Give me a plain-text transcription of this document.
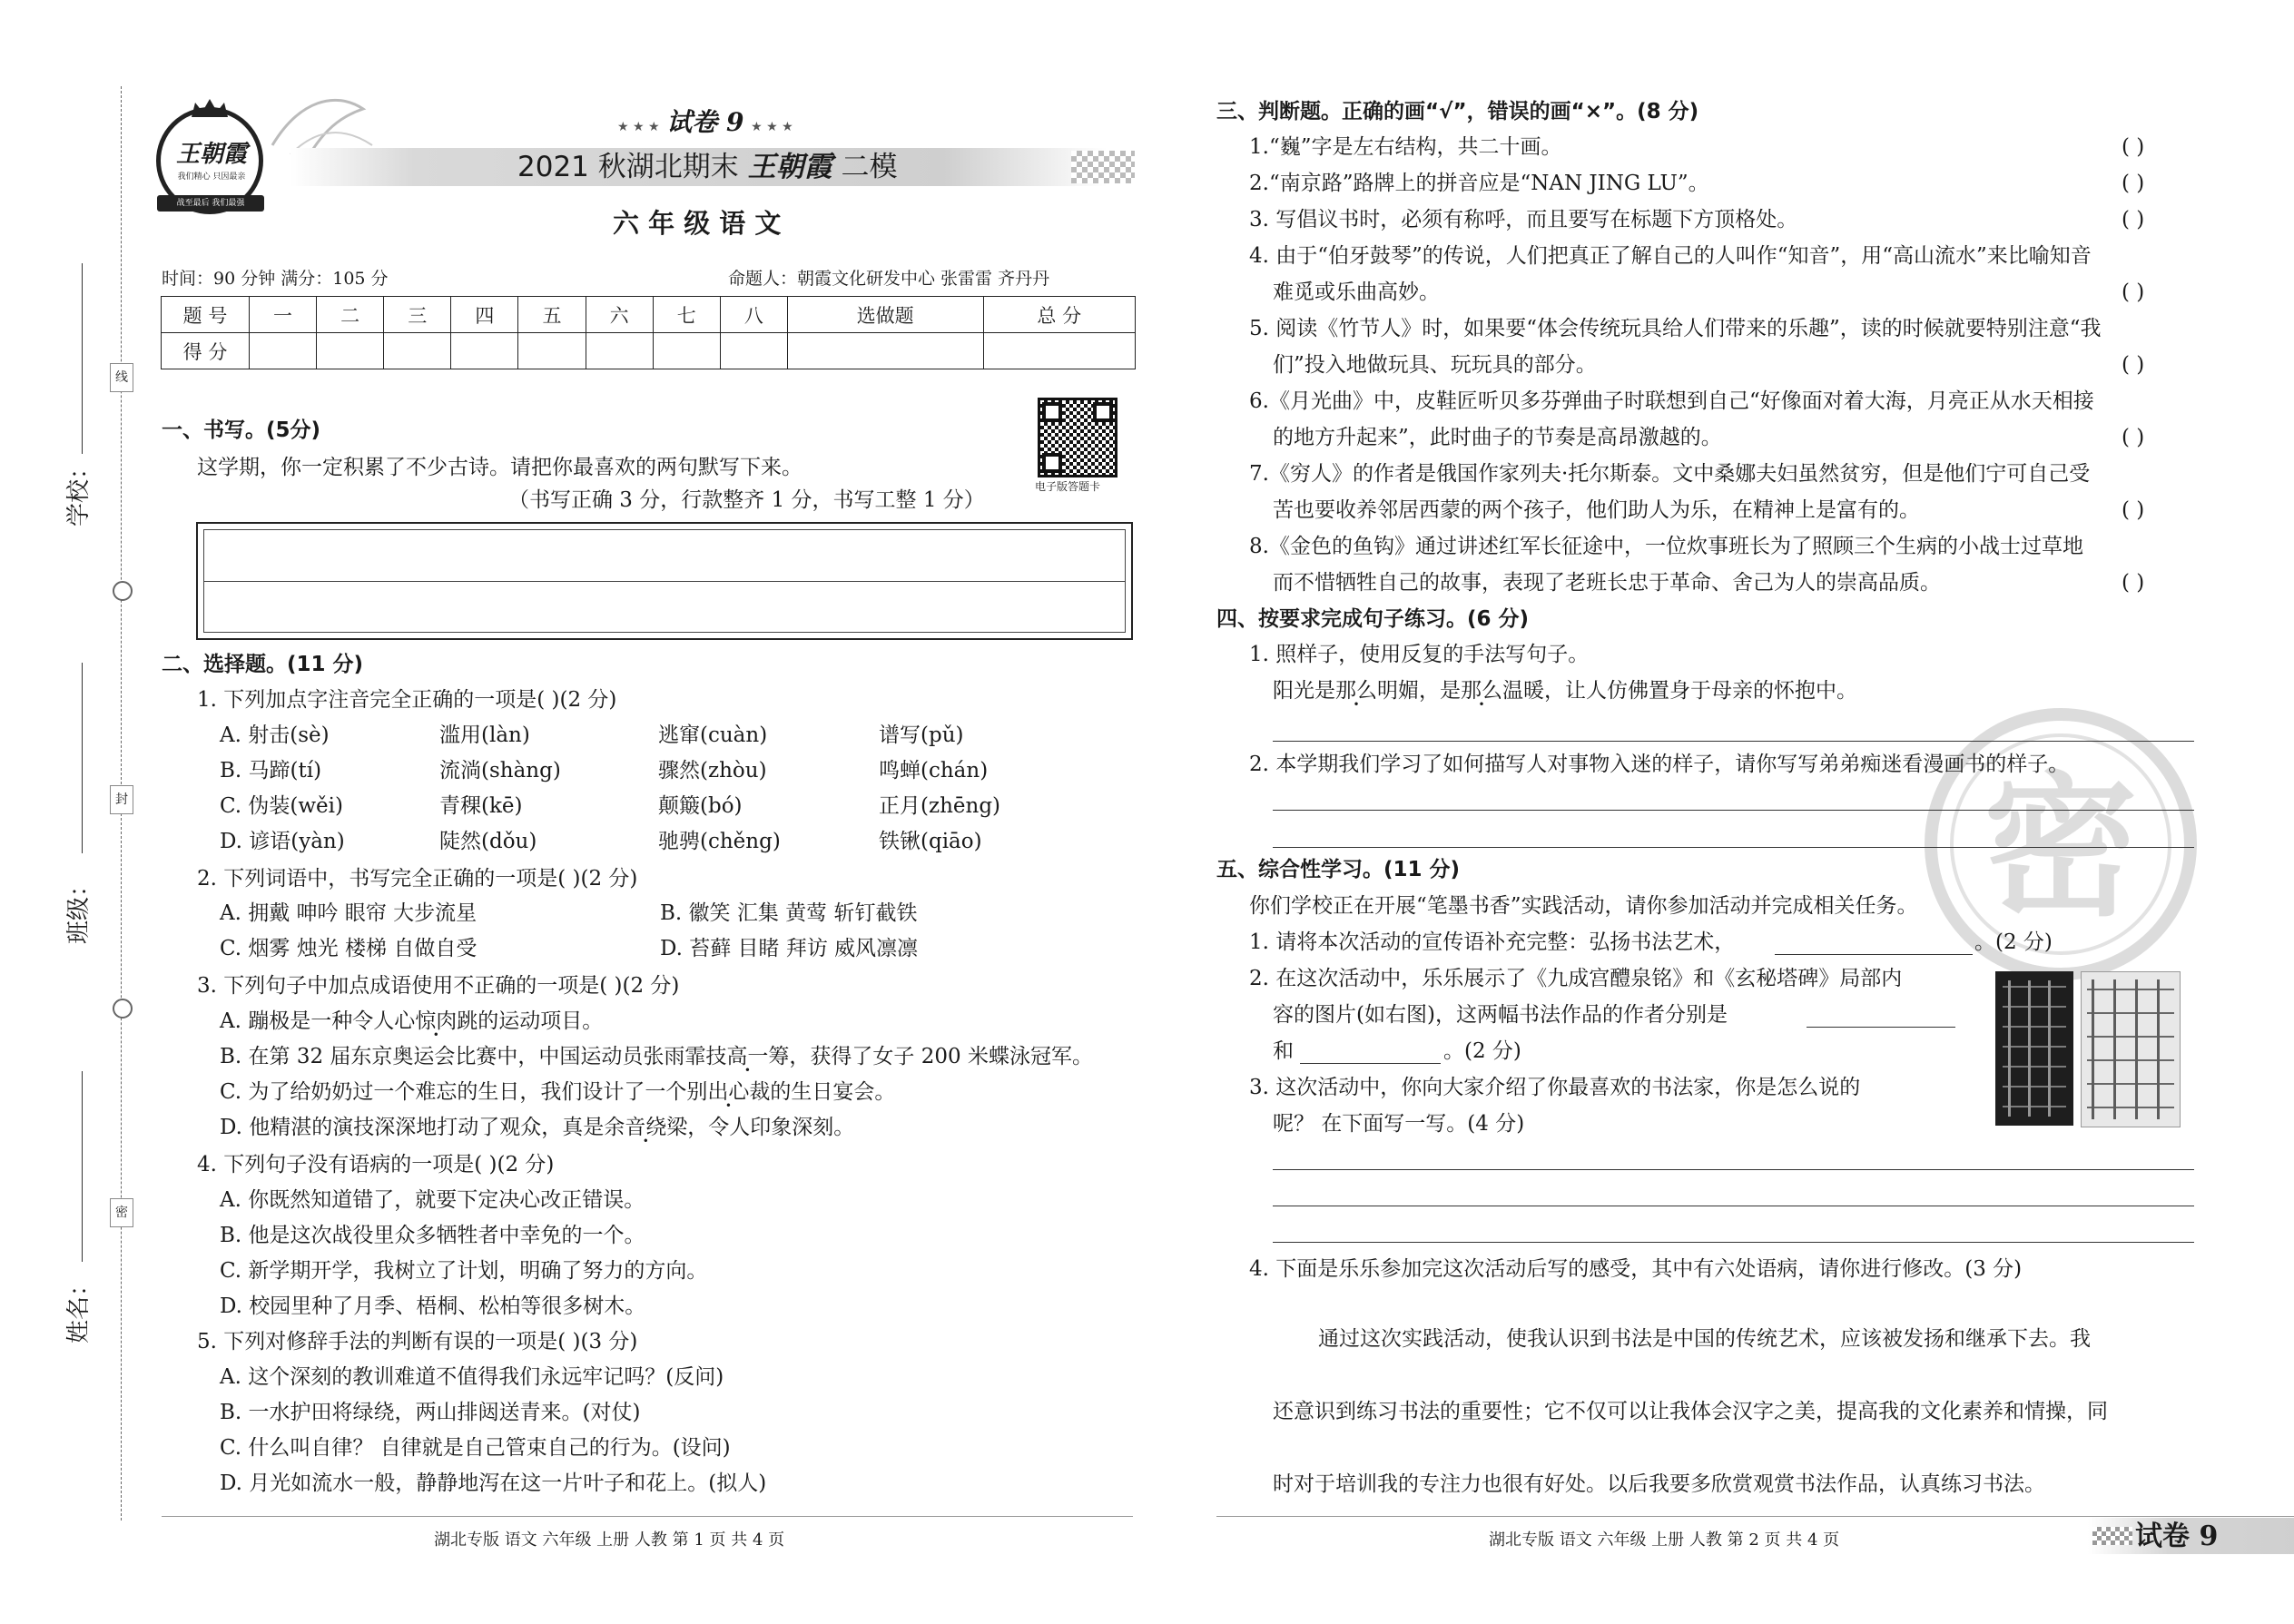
学校：
线
班级：
封
姓名：
密
王朝霞
我们精心 只因最亲
战至最后 我们最强
★ ★ ★ 试卷 9 ★ ★ ★
2021 秋湖北期末 王朝霞 二模
六 年 级 语 文
时间：90 分钟 满分：105 分	命题人：朝霞文化研发中心 张雷雷 齐丹丹
题 号	一	二	三	四	五	六	七	八	选做题	总 分
得 分										
电子版答题卡
一、书写。(5分)
这学期，你一定积累了不少古诗。请把你最喜欢的两句默写下来。
（书写正确 3 分，行款整齐 1 分，书写工整 1 分）
二、选择题。(11 分)
1. 下列加点字注音完全正确的一项是( )(2 分)
A. 射击(sè)	滥用(làn)	逃窜(cuàn)	谱写(pǔ)
B. 马蹄(tí)	流淌(shàng)	骤然(zhòu)	鸣蝉(chán)
C. 伪装(wěi)	青稞(kē)	颠簸(bó)	正月(zhēng)
D. 谚语(yàn)	陡然(dǒu)	驰骋(chěng)	铁锹(qiāo)
2. 下列词语中，书写完全正确的一项是( )(2 分)
A. 拥戴 呻吟 眼帘 大步流星	B. 徽笑 汇集 黄莺 斩钉截铁
C. 烟雾 烛光 楼梯 自做自受	D. 苔藓 目睹 拜访 威风凛凛
3. 下列句子中加点成语使用不正确的一项是( )(2 分)
A. 蹦极是一种令人心惊肉跳的运动项目。
B. 在第 32 届东京奥运会比赛中，中国运动员张雨霏技高一筹，获得了女子 200 米蝶泳冠军。
C. 为了给奶奶过一个难忘的生日，我们设计了一个别出心裁的生日宴会。
D. 他精湛的演技深深地打动了观众，真是余音绕梁，令人印象深刻。
4. 下列句子没有语病的一项是( )(2 分)
A. 你既然知道错了，就要下定决心改正错误。
B. 他是这次战役里众多牺牲者中幸免的一个。
C. 新学期开学，我树立了计划，明确了努力的方向。
D. 校园里种了月季、梧桐、松柏等很多树木。
5. 下列对修辞手法的判断有误的一项是( )(3 分)
A. 这个深刻的教训难道不值得我们永远牢记吗？(反问)
B. 一水护田将绿绕，两山排闼送青来。(对仗)
C. 什么叫自律？ 自律就是自己管束自己的行为。(设问)
D. 月光如流水一般，静静地泻在这一片叶子和花上。(拟人)
湖北专版 语文 六年级 上册 人教 第 1 页 共 4 页
密
三、判断题。正确的画“√”，错误的画“×”。(8 分)
1.“巍”字是左右结构，共二十画。	( )
2.“南京路”路牌上的拼音应是“NAN JING LU”。	( )
3. 写倡议书时，必须有称呼，而且要写在标题下方顶格处。	( )
4. 由于“伯牙鼓琴”的传说，人们把真正了解自己的人叫作“知音”，用“高山流水”来比喻知音
难觅或乐曲高妙。	( )
5. 阅读《竹节人》时，如果要“体会传统玩具给人们带来的乐趣”，读的时候就要特别注意“我
们”投入地做玩具、玩玩具的部分。	( )
6.《月光曲》中，皮鞋匠听贝多芬弹曲子时联想到自己“好像面对着大海，月亮正从水天相接
的地方升起来”，此时曲子的节奏是高昂激越的。	( )
7.《穷人》的作者是俄国作家列夫·托尔斯泰。文中桑娜夫妇虽然贫穷，但是他们宁可自己受
苦也要收养邻居西蒙的两个孩子，他们助人为乐，在精神上是富有的。	( )
8.《金色的鱼钩》通过讲述红军长征途中，一位炊事班长为了照顾三个生病的小战士过草地
而不惜牺牲自己的故事，表现了老班长忠于革命、舍己为人的崇高品质。	( )
四、按要求完成句子练习。(6 分)
1. 照样子，使用反复的手法写句子。
阳光是那么明媚，是那么温暖，让人仿佛置身于母亲的怀抱中。
2. 本学期我们学习了如何描写人对事物入迷的样子，请你写写弟弟痴迷看漫画书的样子。
五、综合性学习。(11 分)
你们学校正在开展“笔墨书香”实践活动，请你参加活动并完成相关任务。
1. 请将本次活动的宣传语补充完整：弘扬书法艺术，	。(2 分)
2. 在这次活动中，乐乐展示了《九成宫醴泉铭》和《玄秘塔碑》局部内
容的图片(如右图)，这两幅书法作品的作者分别是
和	。(2 分)
3. 这次活动中，你向大家介绍了你最喜欢的书法家，你是怎么说的
呢？ 在下面写一写。(4 分)
4. 下面是乐乐参加完这次活动后写的感受，其中有六处语病，请你进行修改。(3 分)
通过这次实践活动，使我认识到书法是中国的传统艺术，应该被发扬和继承下去。我
还意识到练习书法的重要性；它不仅可以让我体会汉字之美，提高我的文化素养和情操，同
时对于培训我的专注力也很有好处。以后我要多欣赏观赏书法作品，认真练习书法。
湖北专版 语文 六年级 上册 人教 第 2 页 共 4 页	试卷 9
